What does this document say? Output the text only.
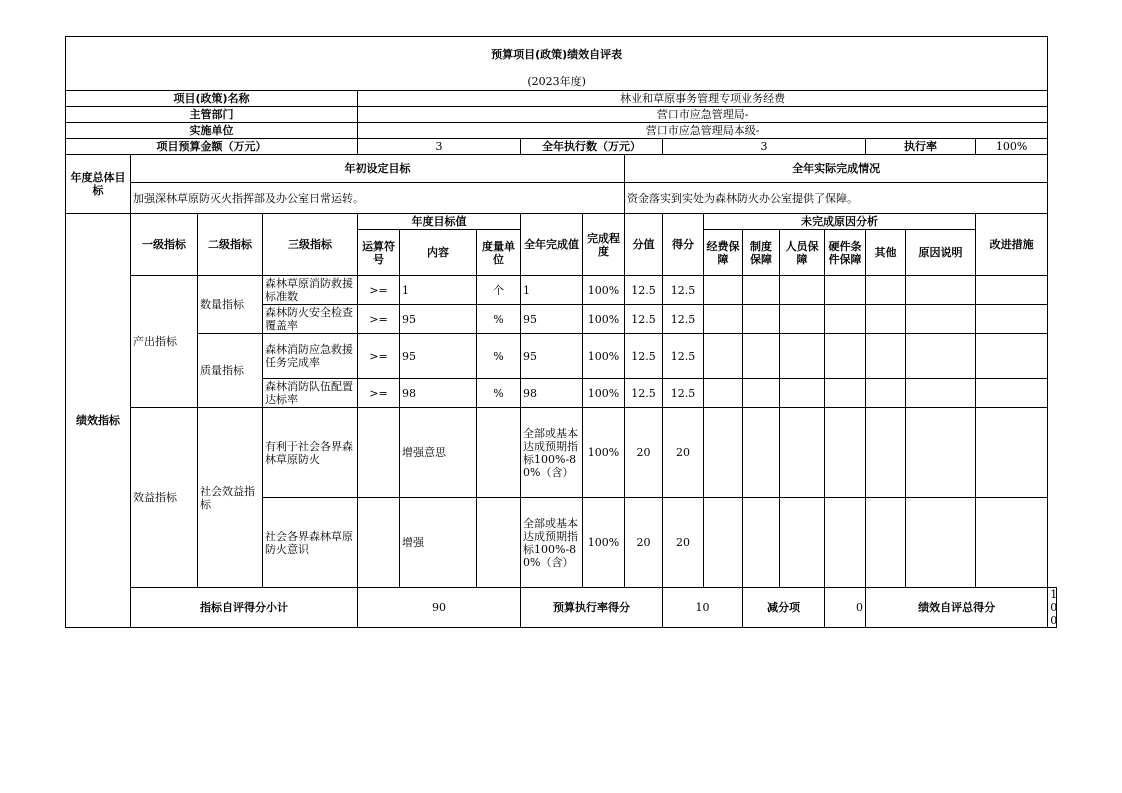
预算项目(政策)绩效自评表																		
(2023年度)																		
项目(政策)名称				林业和草原事务管理专项业务经费														
主管部门				营口市应急管理局-														
实施单位				营口市应急管理局本级-														
项目预算金额（万元）				3			全年执行数（万元）			3					执行率		100%	
年度总体目标	年初设定目标								全年实际完成情况									
	加强深林草原防灭火指挥部及办公室日常运转。								资金落实到实处为森林防火办公室提供了保障。									
绩效指标	一级指标	二级指标	三级指标	年度目标值			全年完成值	完成程度	分值	得分	未完成原因分析						改进措施	
				运算符号	内容	度量单位					经费保障	制度保障	人员保障	硬件条件保障	其他	原因说明		
	产出指标	数量指标	森林草原消防救援标准数	>=	1	个	1	100%	12.5	12.5								
			森林防火安全检查覆盖率	>=	95	%	95	100%	12.5	12.5								
		质量指标	森林消防应急救援任务完成率	>=	95	%	95	100%	12.5	12.5								
			森林消防队伍配置达标率	>=	98	%	98	100%	12.5	12.5								
	效益指标	社会效益指标	有利于社会各界森林草原防火		增强意思		全部或基本达成预期指标100%-80%（含）	100%	20	20								
			社会各界森林草原防火意识		增强		全部或基本达成预期指标100%-80%（含）	100%	20	20								
	指标自评得分小计			90			预算执行率得分			10		减分项		0	绩效自评总得分			100
